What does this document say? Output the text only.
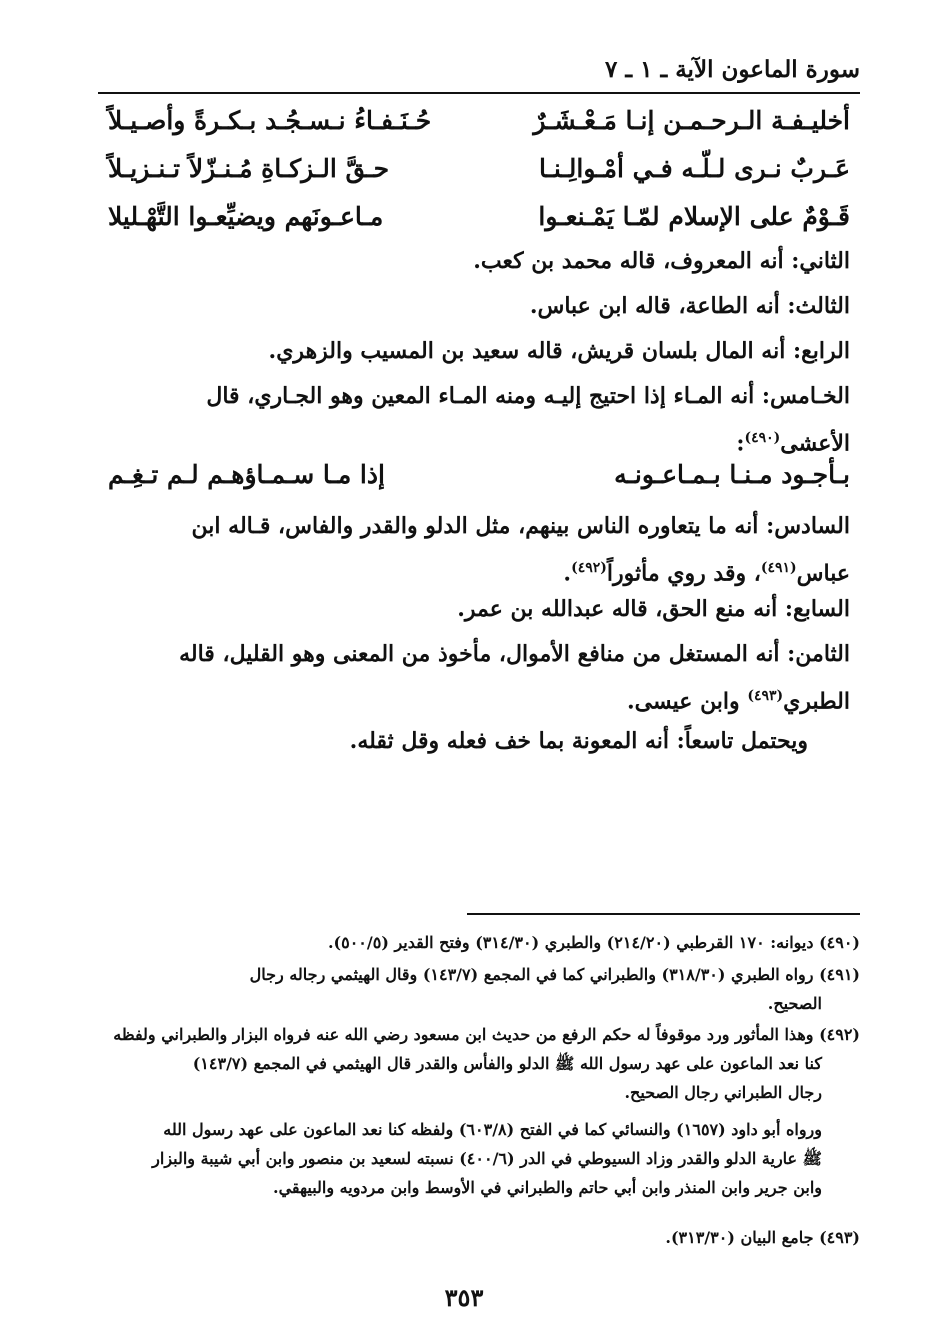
سورة الماعون الآية ـ ١ ـ ٧
أخليـفـة الـرحـمـن إنـا مَـعْـشَـرٌ
حُـنَـفـاءُ نـسـجُـد بـكـرةً وأصـيـلاً
عَـربٌ نـرى لـلّـه فـي أمْـوالِـنـا
حـقَّ الـزكـاةِ مُـنـزّلاً تـنـزيـلاً
قَـوْمٌ على الإسلام لمّـا يَمْـنعـوا
مـاعـونَهم ويضيِّعـوا التَّهْـليلا
الثاني: أنه المعروف، قاله محمد بن كعب.
الثالث: أنه الطاعة، قاله ابن عباس.
الرابع: أنه المال بلسان قريش، قاله سعيد بن المسيب والزهري.
الخـامس: أنه المـاء إذا احتيج إليـه ومنه المـاء المعين وهو الجـاري، قال
الأعشى$^{(٤٩٠)}$:
بـأجـود مـنـا بـمـاعـونـه
إذا مـا سـمـاؤهـم لـم تـغِـم
السادس: أنه ما يتعاوره الناس بينهم، مثل الدلو والقدر والفاس، قـاله ابن
عباس$^{(٤٩١)}$، وقد روي مأثوراً$^{(٤٩٢)}$.
السابع: أنه منع الحق، قاله عبدالله بن عمر.
الثامن: أنه المستغل من منافع الأموال، مأخوذ من المعنى وهو القليل، قاله
الطبري$^{(٤٩٣)}$ وابن عيسى.
ويحتمل تاسعاً: أنه المعونة بما خف فعله وقل ثقله.
(٤٩٠) ديوانه: ١٧٠ القرطبي (٢١٤/٢٠) والطبري (٣١٤/٣٠) وفتح القدير (٥٠٠/٥).
(٤٩١) رواه الطبري (٣١٨/٣٠) والطبراني كما في المجمع (١٤٣/٧) وقال الهيثمي رجاله رجال
الصحيح.
(٤٩٢) وهذا المأثور ورد موقوفاً له حكم الرفع من حديث ابن مسعود رضي الله عنه فرواه البزار والطبراني ولفظه
كنا نعد الماعون على عهد رسول الله ﷺ الدلو والفأس والقدر قال الهيثمي في المجمع (١٤٣/٧)
رجال الطبراني رجال الصحيح.
ورواه أبو داود (١٦٥٧) والنسائي كما في الفتح (٦٠٣/٨) ولفظه كنا نعد الماعون على عهد رسول الله
ﷺ عارية الدلو والقدر وزاد السيوطي في الدر (٤٠٠/٦) نسبته لسعيد بن منصور وابن أبي شيبة والبزار
وابن جرير وابن المنذر وابن أبي حاتم والطبراني في الأوسط وابن مردويه والبيهقي.
(٤٩٣) جامع البيان (٣١٣/٣٠).
٣٥٣
